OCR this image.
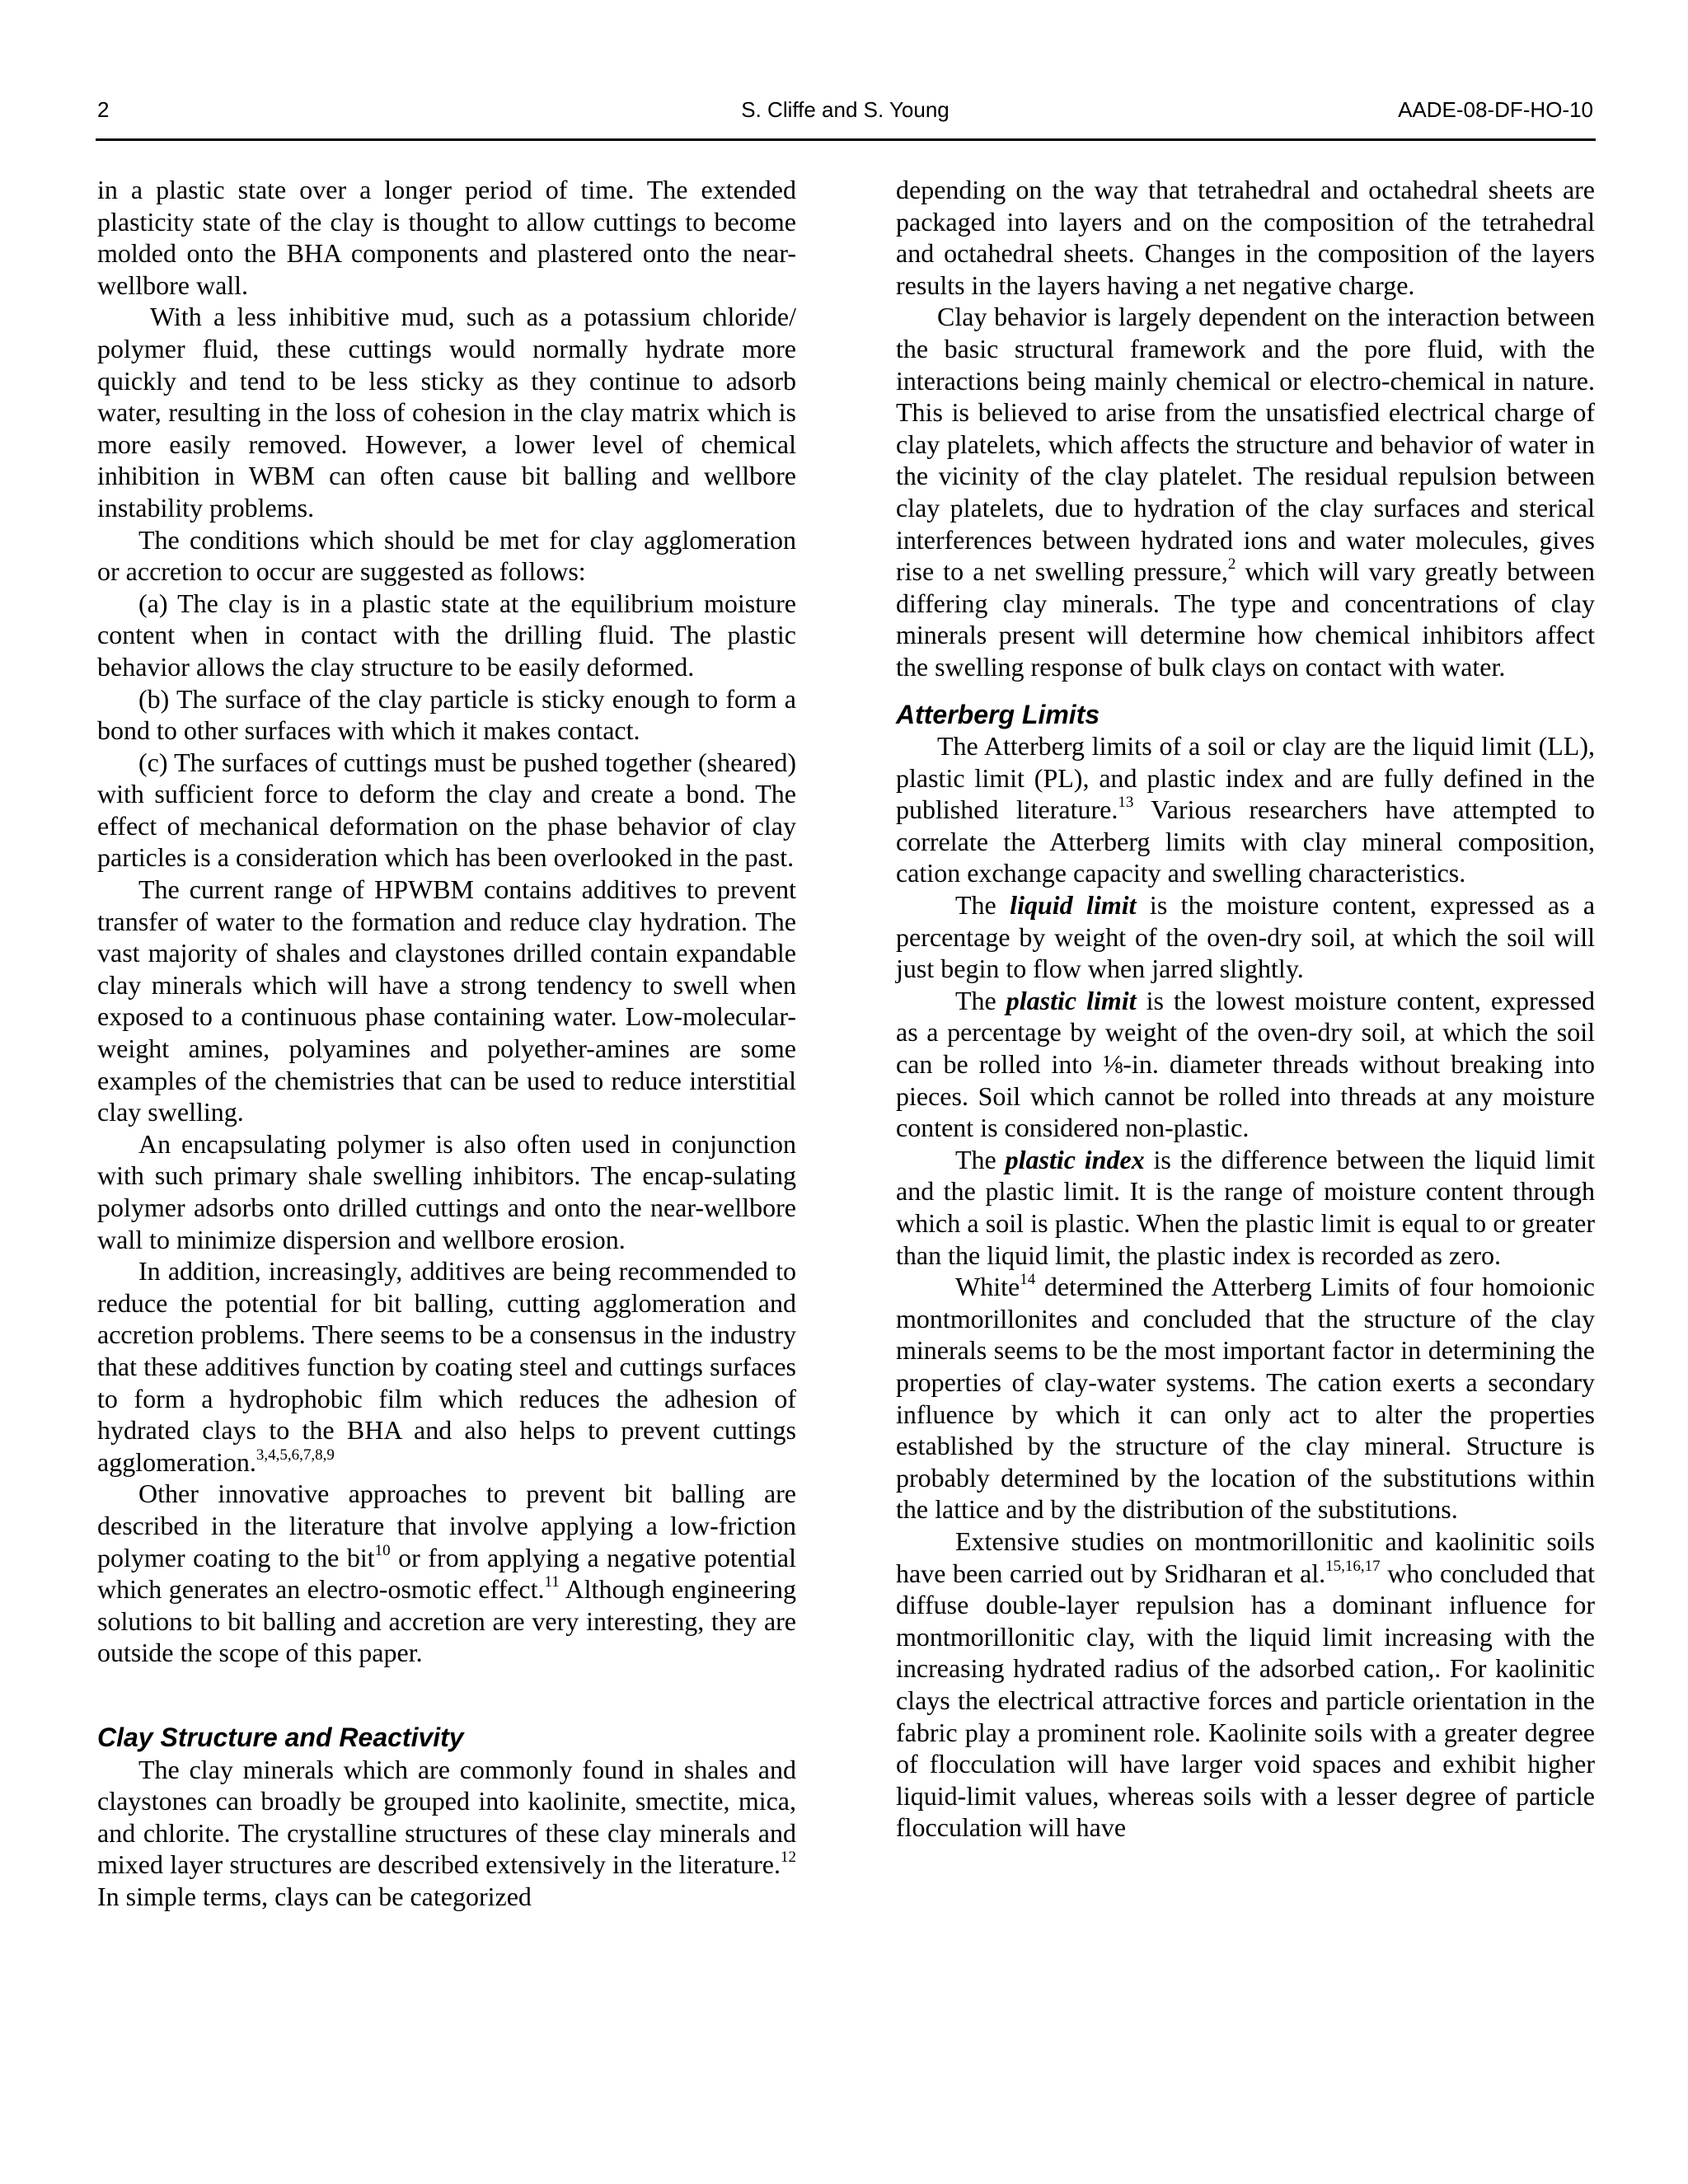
2	S. Cliffe and S. Young	AADE-08-DF-HO-10

in a plastic state over a longer period of time. The extended plasticity state of the clay is thought to allow cuttings to become molded onto the BHA components and plastered onto the near-wellbore wall.

With a less inhibitive mud, such as a potassium chloride/ polymer fluid, these cuttings would normally hydrate more quickly and tend to be less sticky as they continue to adsorb water, resulting in the loss of cohesion in the clay matrix which is more easily removed. However, a lower level of chemical inhibition in WBM can often cause bit balling and wellbore instability problems.

The conditions which should be met for clay agglomeration or accretion to occur are suggested as follows:

(a) The clay is in a plastic state at the equilibrium moisture content when in contact with the drilling fluid. The plastic behavior allows the clay structure to be easily deformed.

(b) The surface of the clay particle is sticky enough to form a bond to other surfaces with which it makes contact.

(c) The surfaces of cuttings must be pushed together (sheared) with sufficient force to deform the clay and create a bond. The effect of mechanical deformation on the phase behavior of clay particles is a consideration which has been overlooked in the past.

The current range of HPWBM contains additives to prevent transfer of water to the formation and reduce clay hydration. The vast majority of shales and claystones drilled contain expandable clay minerals which will have a strong tendency to swell when exposed to a continuous phase containing water. Low-molecular-weight amines, polyamines and polyether-amines are some examples of the chemistries that can be used to reduce interstitial clay swelling.

An encapsulating polymer is also often used in conjunction with such primary shale swelling inhibitors. The encap-sulating polymer adsorbs onto drilled cuttings and onto the near-wellbore wall to minimize dispersion and wellbore erosion.

In addition, increasingly, additives are being recommended to reduce the potential for bit balling, cutting agglomeration and accretion problems. There seems to be a consensus in the industry that these additives function by coating steel and cuttings surfaces to form a hydrophobic film which reduces the adhesion of hydrated clays to the BHA and also helps to prevent cuttings agglomeration.$^{3,4,5,6,7,8,9}$

Other innovative approaches to prevent bit balling are described in the literature that involve applying a low-friction polymer coating to the bit$^{10}$ or from applying a negative potential which generates an electro-osmotic effect.$^{11}$ Although engineering solutions to bit balling and accretion are very interesting, they are outside the scope of this paper.

Clay Structure and Reactivity

The clay minerals which are commonly found in shales and claystones can broadly be grouped into kaolinite, smectite, mica, and chlorite. The crystalline structures of these clay minerals and mixed layer structures are described extensively in the literature.$^{12}$ In simple terms, clays can be categorized

depending on the way that tetrahedral and octahedral sheets are packaged into layers and on the composition of the tetrahedral and octahedral sheets. Changes in the composition of the layers results in the layers having a net negative charge.

Clay behavior is largely dependent on the interaction between the basic structural framework and the pore fluid, with the interactions being mainly chemical or electro-chemical in nature. This is believed to arise from the unsatisfied electrical charge of clay platelets, which affects the structure and behavior of water in the vicinity of the clay platelet. The residual repulsion between clay platelets, due to hydration of the clay surfaces and sterical interferences between hydrated ions and water molecules, gives rise to a net swelling pressure,$^2$ which will vary greatly between differing clay minerals. The type and concentrations of clay minerals present will determine how chemical inhibitors affect the swelling response of bulk clays on contact with water.

Atterberg Limits

The Atterberg limits of a soil or clay are the liquid limit (LL), plastic limit (PL), and plastic index and are fully defined in the published literature.$^{13}$ Various researchers have attempted to correlate the Atterberg limits with clay mineral composition, cation exchange capacity and swelling characteristics.

The liquid limit is the moisture content, expressed as a percentage by weight of the oven-dry soil, at which the soil will just begin to flow when jarred slightly.

The plastic limit is the lowest moisture content, expressed as a percentage by weight of the oven-dry soil, at which the soil can be rolled into ⅛-in. diameter threads without breaking into pieces. Soil which cannot be rolled into threads at any moisture content is considered non-plastic.

The plastic index is the difference between the liquid limit and the plastic limit. It is the range of moisture content through which a soil is plastic. When the plastic limit is equal to or greater than the liquid limit, the plastic index is recorded as zero.

White$^{14}$ determined the Atterberg Limits of four homoionic montmorillonites and concluded that the structure of the clay minerals seems to be the most important factor in determining the properties of clay-water systems. The cation exerts a secondary influence by which it can only act to alter the properties established by the structure of the clay mineral. Structure is probably determined by the location of the substitutions within the lattice and by the distribution of the substitutions.

Extensive studies on montmorillonitic and kaolinitic soils have been carried out by Sridharan et al.$^{15,16,17}$ who concluded that diffuse double-layer repulsion has a dominant influence for montmorillonitic clay, with the liquid limit increasing with the increasing hydrated radius of the adsorbed cation,. For kaolinitic clays the electrical attractive forces and particle orientation in the fabric play a prominent role. Kaolinite soils with a greater degree of flocculation will have larger void spaces and exhibit higher liquid-limit values, whereas soils with a lesser degree of particle flocculation will have
